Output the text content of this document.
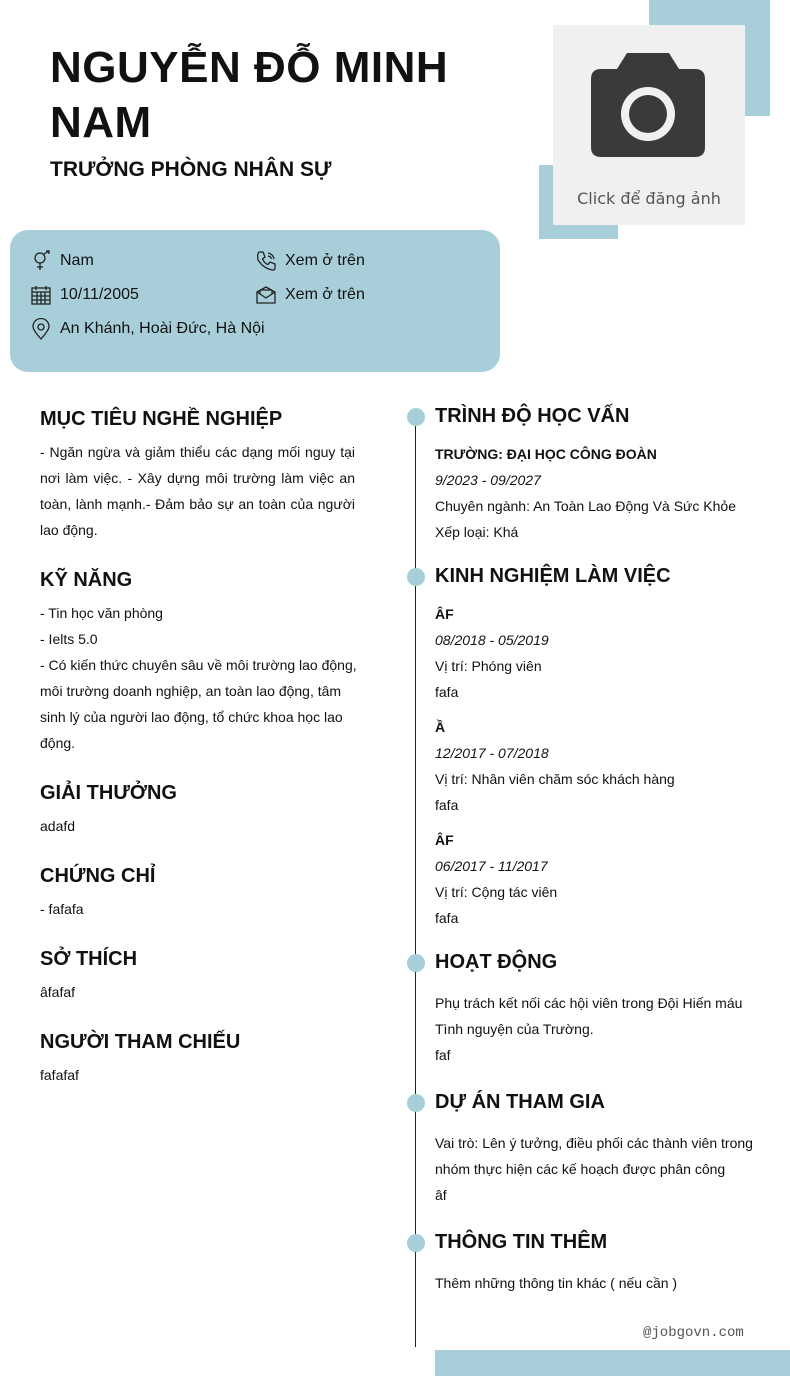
NGUYỄN ĐỖ MINH NAM
TRƯỞNG PHÒNG NHÂN SỰ
Click để đăng ảnh
Nam	Xem ở trên
10/11/2005	Xem ở trên
An Khánh, Hoài Đức, Hà Nội
MỤC TIÊU NGHỀ NGHIỆP
- Ngăn ngừa và giảm thiểu các dạng mối nguy tại nơi làm việc. - Xây dựng môi trường làm việc an toàn, lành mạnh.- Đảm bảo sự an toàn của người lao động.
KỸ NĂNG
- Tin học văn phòng
- Ielts 5.0
- Có kiến thức chuyên sâu về môi trường lao động, môi trường doanh nghiệp, an toàn lao động, tâm sinh lý của người lao động, tổ chức khoa học lao động.
GIẢI THƯỞNG
adafd
CHỨNG CHỈ
- fafafa
SỞ THÍCH
âfafaf
NGƯỜI THAM CHIẾU
fafafaf
TRÌNH ĐỘ HỌC VẤN
TRƯỜNG: ĐẠI HỌC CÔNG ĐOÀN
9/2023 - 09/2027
Chuyên ngành: An Toàn Lao Động Và Sức Khỏe
Xếp loại: Khá
KINH NGHIỆM LÀM VIỆC
ÂF
08/2018 - 05/2019
Vị trí: Phóng viên
fafa
Ầ
12/2017 - 07/2018
Vị trí: Nhân viên chăm sóc khách hàng
fafa
ÂF
06/2017 - 11/2017
Vị trí: Cộng tác viên
fafa
HOẠT ĐỘNG
Phụ trách kết nối các hội viên trong Đội Hiến máu Tình nguyện của Trường.
faf
DỰ ÁN THAM GIA
Vai trò: Lên ý tưởng, điều phối các thành viên trong nhóm thực hiện các kế hoạch được phân công
âf
THÔNG TIN THÊM
Thêm những thông tin khác ( nếu cần )
@jobgovn.com
